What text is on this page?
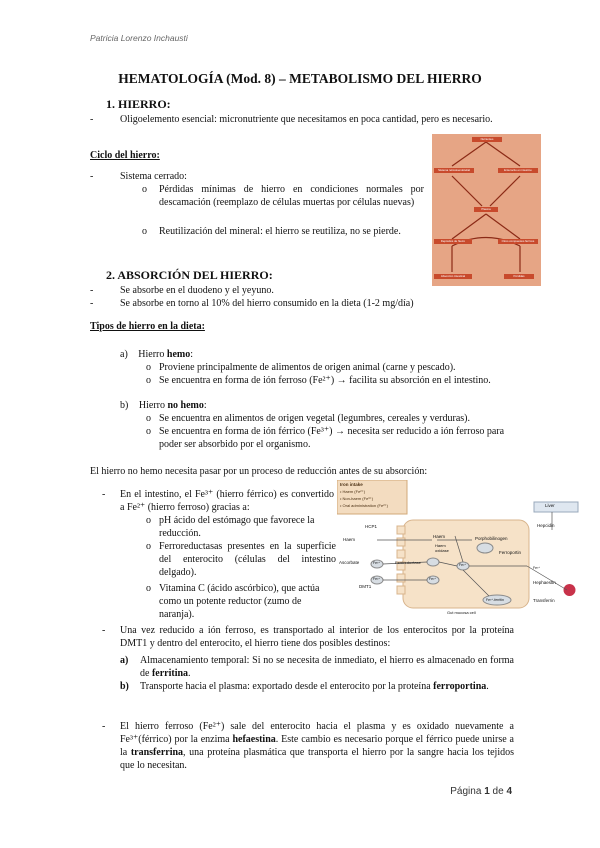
Patricia Lorenzo Inchausti
HEMATOLOGÍA (Mod. 8) – METABOLISMO DEL HIERRO
1. HIERRO:
-	Oligoelemento esencial: micronutriente que necesitamos en poca cantidad, pero es necesario.
Ciclo del hierro:
-	Sistema cerrado:
o Pérdidas mínimas de hierro en condiciones normales por descamación (reemplazo de células muertas por células nuevas)
o Reutilización del mineral: el hierro se reutiliza, no se pierde.
Nutrientes
Sistema reticuloendotelial	Enterocito en intestino
Plasma
Depósitos de hierro	Otros compuestos férricos
Absorción intestinal	Pérdidas
2. ABSORCIÓN DEL HIERRO:
-	Se absorbe en el duodeno y el yeyuno.
-	Se absorbe en torno al 10% del hierro consumido en la dieta (1-2 mg/día)
Tipos de hierro en la dieta:
a) Hierro hemo:
o Proviene principalmente de alimentos de origen animal (carne y pescado).
o Se encuentra en forma de ión ferroso (Fe²⁺) → facilita su absorción en el intestino.
b) Hierro no hemo:
o Se encuentra en alimentos de origen vegetal (legumbres, cereales y verduras).
o Se encuentra en forma de ión férrico (Fe³⁺) → necesita ser reducido a ión ferroso para poder ser absorbido por el organismo.
El hierro no hemo necesita pasar por un proceso de reducción antes de su absorción:
- En el intestino, el Fe³⁺ (hierro férrico) es convertido a Fe²⁺ (hierro ferroso) gracias a:
o pH ácido del estómago que favorece la reducción.
o Ferroreductasas presentes en la superficie del enterocito (células del intestino delgado).
o Vitamina C (ácido ascórbico), que actúa como un potente reductor (zumo de naranja).
Iron intake
• Haem (Fe²⁺)
• Non-haem (Fe³⁺)
• Oral administration (Fe²⁺)
HCP1
Haem
Haem
Haem oxidase
Porphobilinogen
Ascorbate	Ferrireductase
DMT1
Fe³⁺
Fe²⁺	Fe²⁺
Fe²⁺
Ferroportin
Fe³⁺-ferritin
Gut mucosa cell
Liver
Hepcidin
Hephaestin
Transferrin
Fe³⁺
- Una vez reducido a ión ferroso, es transportado al interior de los enterocitos por la proteína DMT1 y dentro del enterocito, el hierro tiene dos posibles destinos:
a) Almacenamiento temporal: Si no se necesita de inmediato, el hierro es almacenado en forma de ferritina.
b) Transporte hacia el plasma: exportado desde el enterocito por la proteína ferroportina.
- El hierro ferroso (Fe²⁺) sale del enterocito hacia el plasma y es oxidado nuevamente a Fe³⁺(férrico) por la enzima hefaestina. Este cambio es necesario porque el férrico puede unirse a la transferrina, una proteína plasmática que transporta el hierro por la sangre hacia los tejidos que lo necesitan.
Página 1 de 4
